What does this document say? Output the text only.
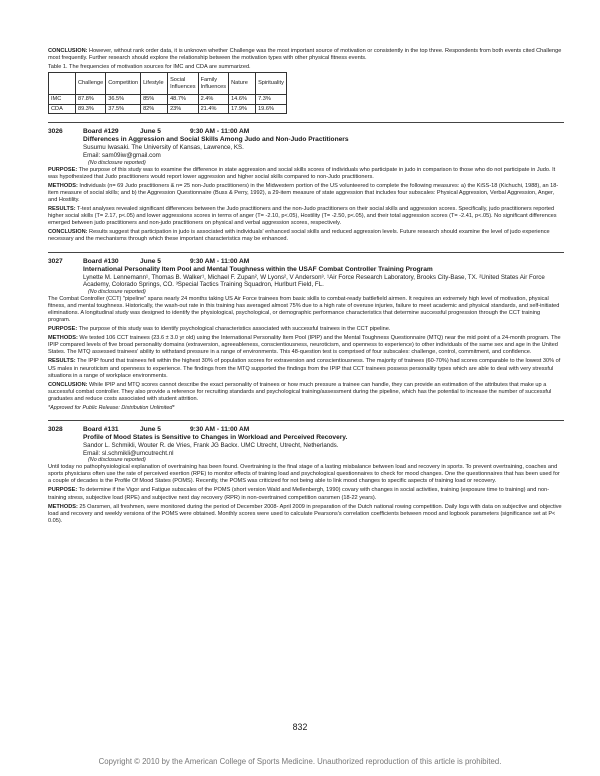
CONCLUSION: However, without rank order data, it is unknown whether Challenge was the most important source of motivation or consistently in the top three. Respondents from both events cited Challenge most frequently. Further research should explore the relationship between the motivation types with other physical fitness events.

Table 1. The frequencies of motivation sources for IMC and CDA are summarized.

	Challenge	Competition	Lifestyle	Social Influences	Family Influences	Nature	Spirituality
IMC	87.8%	36.5%	85%	48.7%	2.4%	14.6%	7.3%
CDA	89.3%	37.5%	82%	23%	21.4%	17.9%	19.6%
3026	Board #129	June 5	9:30 AM - 11:00 AM
Differences in Aggression and Social Skills Among Judo and Non-Judo Practitioners
Susumu Iwasaki. The University of Kansas, Lawrence, KS.
Email: sam09iw@gmail.com
(No disclosure reported)

PURPOSE: The purpose of this study was to examine the difference in state aggression and social skills scores of individuals who participate in judo in comparison to those who do not participate in Judo. It was hypothesized that Judo practitioners would report lower aggression and higher social skills compared to non-Judo practitioners.

METHODS: Individuals (n= 69 Judo practitioners & n= 25 non-Judo practitioners) in the Midwestern portion of the US volunteered to complete the following measures: a) the KiSS-18 (Kichuchi, 1988), an 18-item measure of social skills; and b) the Aggression Questionnaire (Buss & Perry, 1992), a 29-item measure of state aggression that includes four subscales: Physical Aggression, Verbal Aggression, Anger, and Hostility.

RESULTS: T-test analyses revealed significant differences between the Judo practitioners and the non-Judo practitioners on their social skills and aggression scores. Specifically, judo practitioners reported higher social skills (T= 2.17, p<.05) and lower aggressions scores in terms of anger (T= -2.10, p<.05), Hostility (T= -2.50, p<.05), and their total aggression scores (T= -2.41, p<.05). No significant differences emerged between judo practitioners and non-judo practitioners on physical and verbal aggression scores, respectively.

CONCLUSION: Results suggest that participation in judo is associated with individuals' enhanced social skills and reduced aggression levels. Future research should examine the level of judo experience necessary and the mechanisms through which these important characteristics may be enhanced.

3027	Board #130	June 5	9:30 AM - 11:00 AM
International Personality Item Pool and Mental Toughness within the USAF Combat Controller Training Program
Lynette M. Lennemann¹, Thomas B. Walker¹, Michael F. Zupan², W Lyons², V Anderson³. ¹Air Force Research Laboratory, Brooks City-Base, TX. ²United States Air Force Academy, Colorado Springs, CO. ³Special Tactics Training Squadron, Hurlburt Field, FL.
(No disclosure reported)

The Combat Controller (CCT) "pipeline" spans nearly 24 months taking US Air Force trainees from basic skills to combat-ready battlefield airmen. It requires an extremely high level of motivation, physical fitness, and mental toughness. Historically, the wash-out rate in this training has averaged almost 75% due to a high rate of overuse injuries, failure to meet academic and physical standards, and self-initiated eliminations. A longitudinal study was designed to identify the physiological, psychological, or demographic performance characteristics that determine successful progression through the CCT training program.

PURPOSE: The purpose of this study was to identify psychological characteristics associated with successful trainees in the CCT pipeline.

METHODS: We tested 106 CCT trainees (23.6 ± 3.0 yr old) using the International Personality Item Pool (IPIP) and the Mental Toughness Questionnaire (MTQ) near the mid point of a 24-month program. The IPIP compared levels of five broad personality domains (extraversion, agreeableness, conscientiousness, neuroticism, and openness to experience) to other individuals of the same sex and age in the United States. The MTQ assessed trainees' ability to withstand pressure in a range of environments. This 48-question test is comprised of four subscales: challenge, control, commitment, and confidence.

RESULTS: The IPIP found that trainees fell within the highest 30% of population scores for extraversion and conscientiousness. The majority of trainees (60-70%) had scores comparable to the lowest 30% of US males in neuroticism and openness to experience. The findings from the MTQ supported the findings from the IPIP that CCT trainees possess personality types which are able to deal with very stressful situations in a range of workplace environments.

CONCLUSION: While IPIP and MTQ scores cannot describe the exact personality of trainees or how much pressure a trainee can handle, they can provide an estimation of the attributes that make up a successful combat controller. They also provide a reference for recruiting standards and psychological training/assessment during the pipeline, which has the potential to increase the number of successful graduates and reduce costs associated with student attrition.

*Approved for Public Release: Distribution Unlimited*

3028	Board #131	June 5	9:30 AM - 11:00 AM
Profile of Mood States is Sensitive to Changes in Workload and Perceived Recovery.
Sandor L. Schmikli, Wouter R. de Vries, Frank JG Backx. UMC Utrecht, Utrecht, Netherlands.
Email: sl.schmikli@umcutrecht.nl
(No disclosure reported)

Until today no pathophysiological explanation of overtraining has been found. Overtraining is the final stage of a lasting misbalance between load and recovery in sports. To prevent overtraining, coaches and sports physicians often use the rate of perceived exertion (RPE) to monitor effects of training load and psychological questionnaires to check for mood changes. One the questionnaires that has been used for a couple of decades is the Profile Of Mood States (POMS). Recently, the POMS was criticized for not being able to link mood changes to specific aspects of training load or recovery.

PURPOSE: To determine if the Vigor and Fatigue subscales of the POMS (short version Wald and Mellenbergh, 1990) covary with changes in social activities, training (exposure time to training) and non-training stress, subjective load (RPE) and subjective next day recovery (RPR) in non-overtrained competition oarsmen (18-22 years).

METHODS: 25 Oarsmen, all freshmen, were monitored during the period of December 2008- April 2009 in preparation of the Dutch national rowing competition. Daily logs with data on subjective and objective load and recovery and weekly versions of the POMS were obtained. Monthly scores were used to calculate Pearsons's correlation coefficients between mood and logbook parameters (significance set at P< 0.05).

832
Copyright © 2010 by the American College of Sports Medicine. Unauthorized reproduction of this article is prohibited.
